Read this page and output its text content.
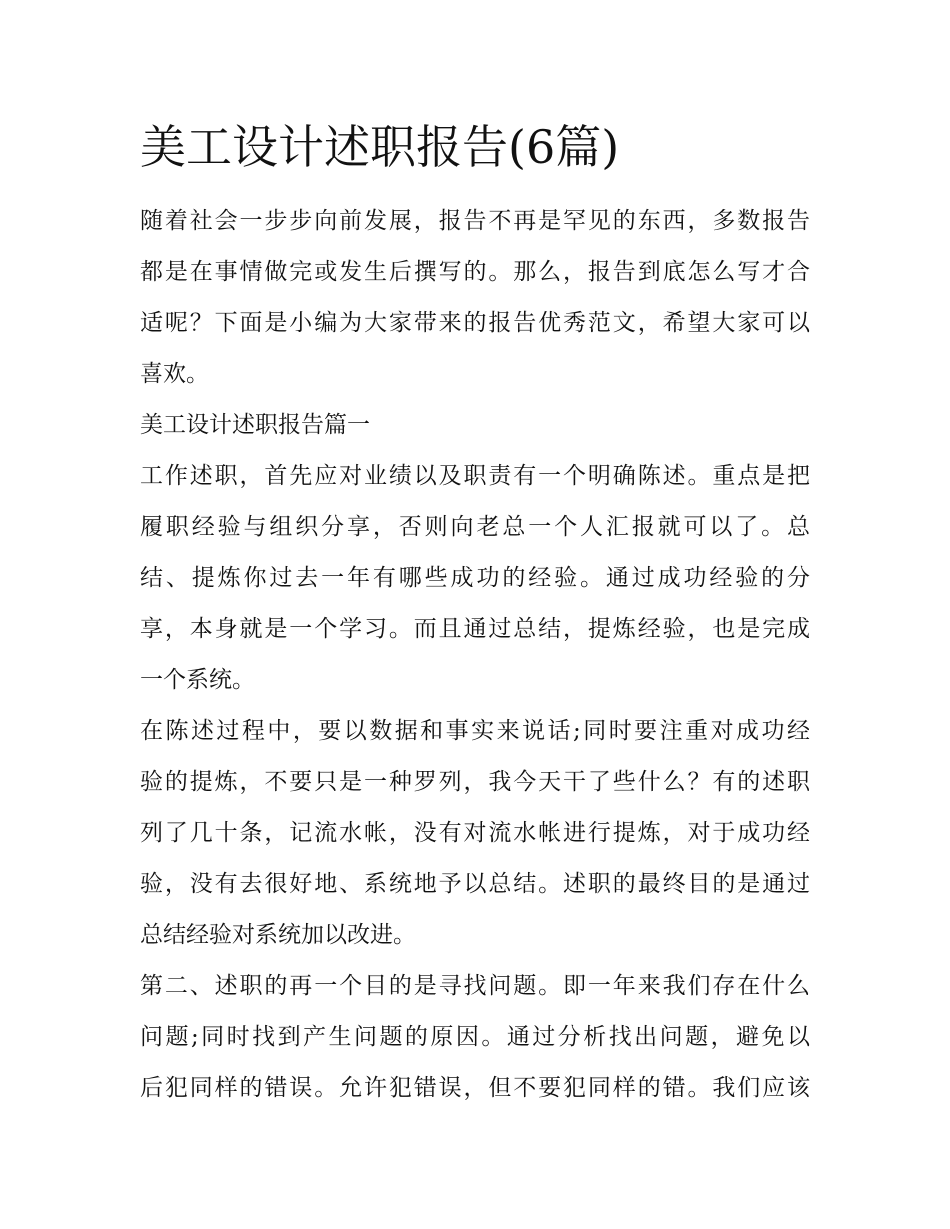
美工设计述职报告(6篇)

随着社会一步步向前发展，报告不再是罕见的东西，多数报告
都是在事情做完或发生后撰写的。那么，报告到底怎么写才合
适呢？下面是小编为大家带来的报告优秀范文，希望大家可以
喜欢。

美工设计述职报告篇一

工作述职，首先应对业绩以及职责有一个明确陈述。重点是把
履职经验与组织分享，否则向老总一个人汇报就可以了。总
结、提炼你过去一年有哪些成功的经验。通过成功经验的分
享，本身就是一个学习。而且通过总结，提炼经验，也是完成
一个系统。

在陈述过程中，要以数据和事实来说话;同时要注重对成功经
验的提炼，不要只是一种罗列，我今天干了些什么？有的述职
列了几十条，记流水帐，没有对流水帐进行提炼，对于成功经
验，没有去很好地、系统地予以总结。述职的最终目的是通过
总结经验对系统加以改进。

第二、述职的再一个目的是寻找问题。即一年来我们存在什么
问题;同时找到产生问题的原因。通过分析找出问题，避免以
后犯同样的错误。允许犯错误，但不要犯同样的错。我们应该
